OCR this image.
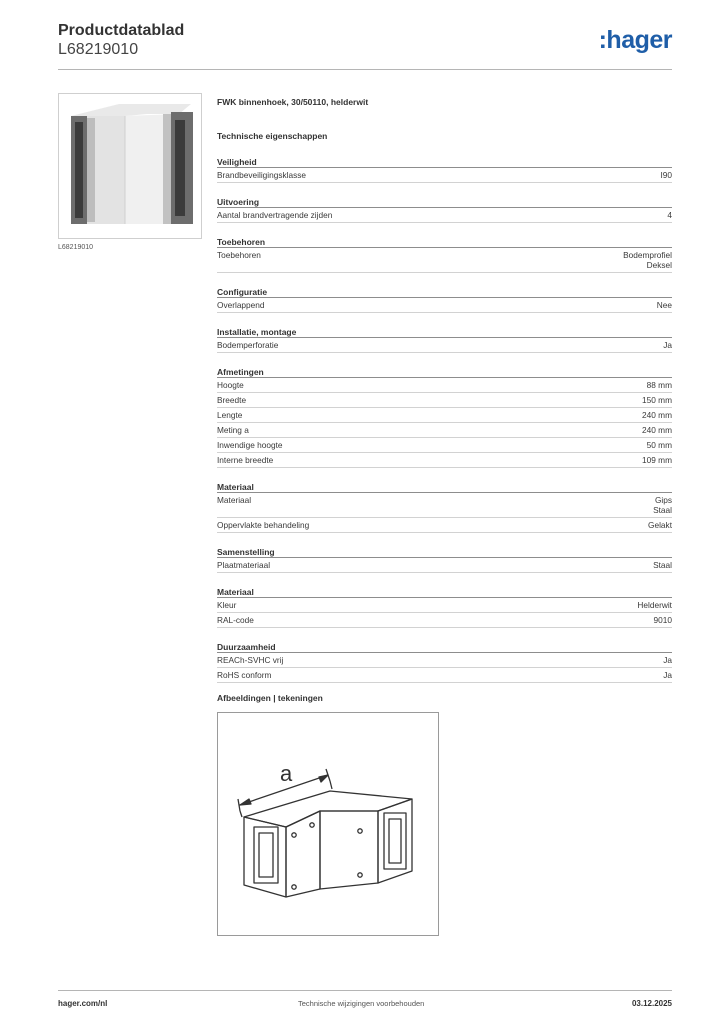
Productdatablad
L68219010	:hager
L68219010
FWK binnenhoek, 30/50110, helderwit
Technische eigenschappen
Veiligheid
Brandbeveiligingsklasse	I90
Uitvoering
Aantal brandvertragende zijden	4
Toebehoren
Toebehoren	Bodemprofiel
Deksel
Configuratie
Overlappend	Nee
Installatie, montage
Bodemperforatie	Ja
Afmetingen
Hoogte	88 mm
Breedte	150 mm
Lengte	240 mm
Meting a	240 mm
Inwendige hoogte	50 mm
Interne breedte	109 mm
Materiaal
Materiaal	Gips
Staal
Oppervlakte behandeling	Gelakt
Samenstelling
Plaatmateriaal	Staal
Materiaal
Kleur	Helderwit
RAL-code	9010
Duurzaamheid
REACh-SVHC vrij	Ja
RoHS conform	Ja
Afbeeldingen | tekeningen
a
hager.com/nl	Technische wijzigingen voorbehouden	03.12.2025
